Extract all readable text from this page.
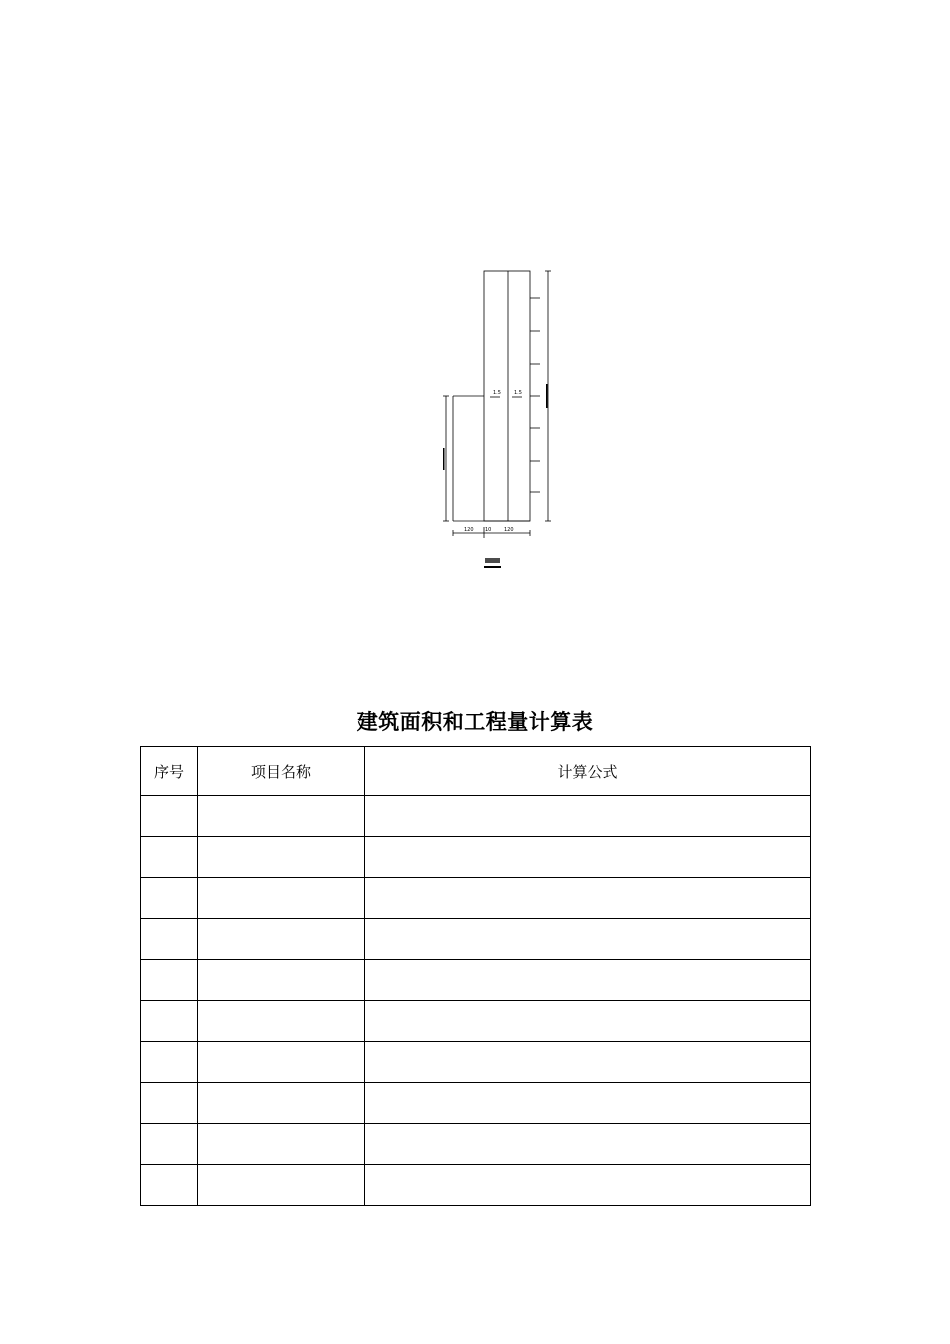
120 10	120
1.5	1.5
建筑面积和工程量计算表
序号	项目名称	计算公式
